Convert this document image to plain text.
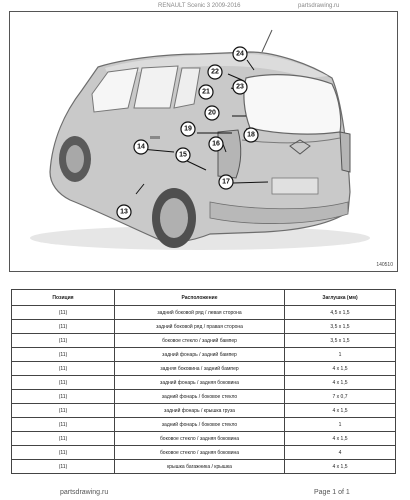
RENAULT Scenic 3 2009-2016	partsdrawing.ru
24
22
21
23
20
19
18
16
14
15
17
13
140510
Позиция	Расположение	Заглушка (мм)
(11)	задний боковой ряд / левая сторона	4,5 x 1,5
(11)	задний боковой ряд / правая сторона	3,5 x 1,5
(11)	боковое стекло / задний бампер	3,5 x 1,5
(11)	задний фонарь / задний бампер	1
(11)	задняя боковина / задний бампер	4 x 1,5
(11)	задний фонарь / задняя боковина	4 x 1,5
(11)	задний фонарь / боковое стекло	7 x 0,7
(11)	задний фонарь / крышка груза	4 x 1,5
(11)	задний фонарь / боковое стекло	1
(11)	боковое стекло / задняя боковина	4 x 1,5
(11)	боковое стекло / задняя боковина	4
(11)	крышка багажника / крышка	4 x 1,5
partsdrawing.ru	Page 1 of 1
